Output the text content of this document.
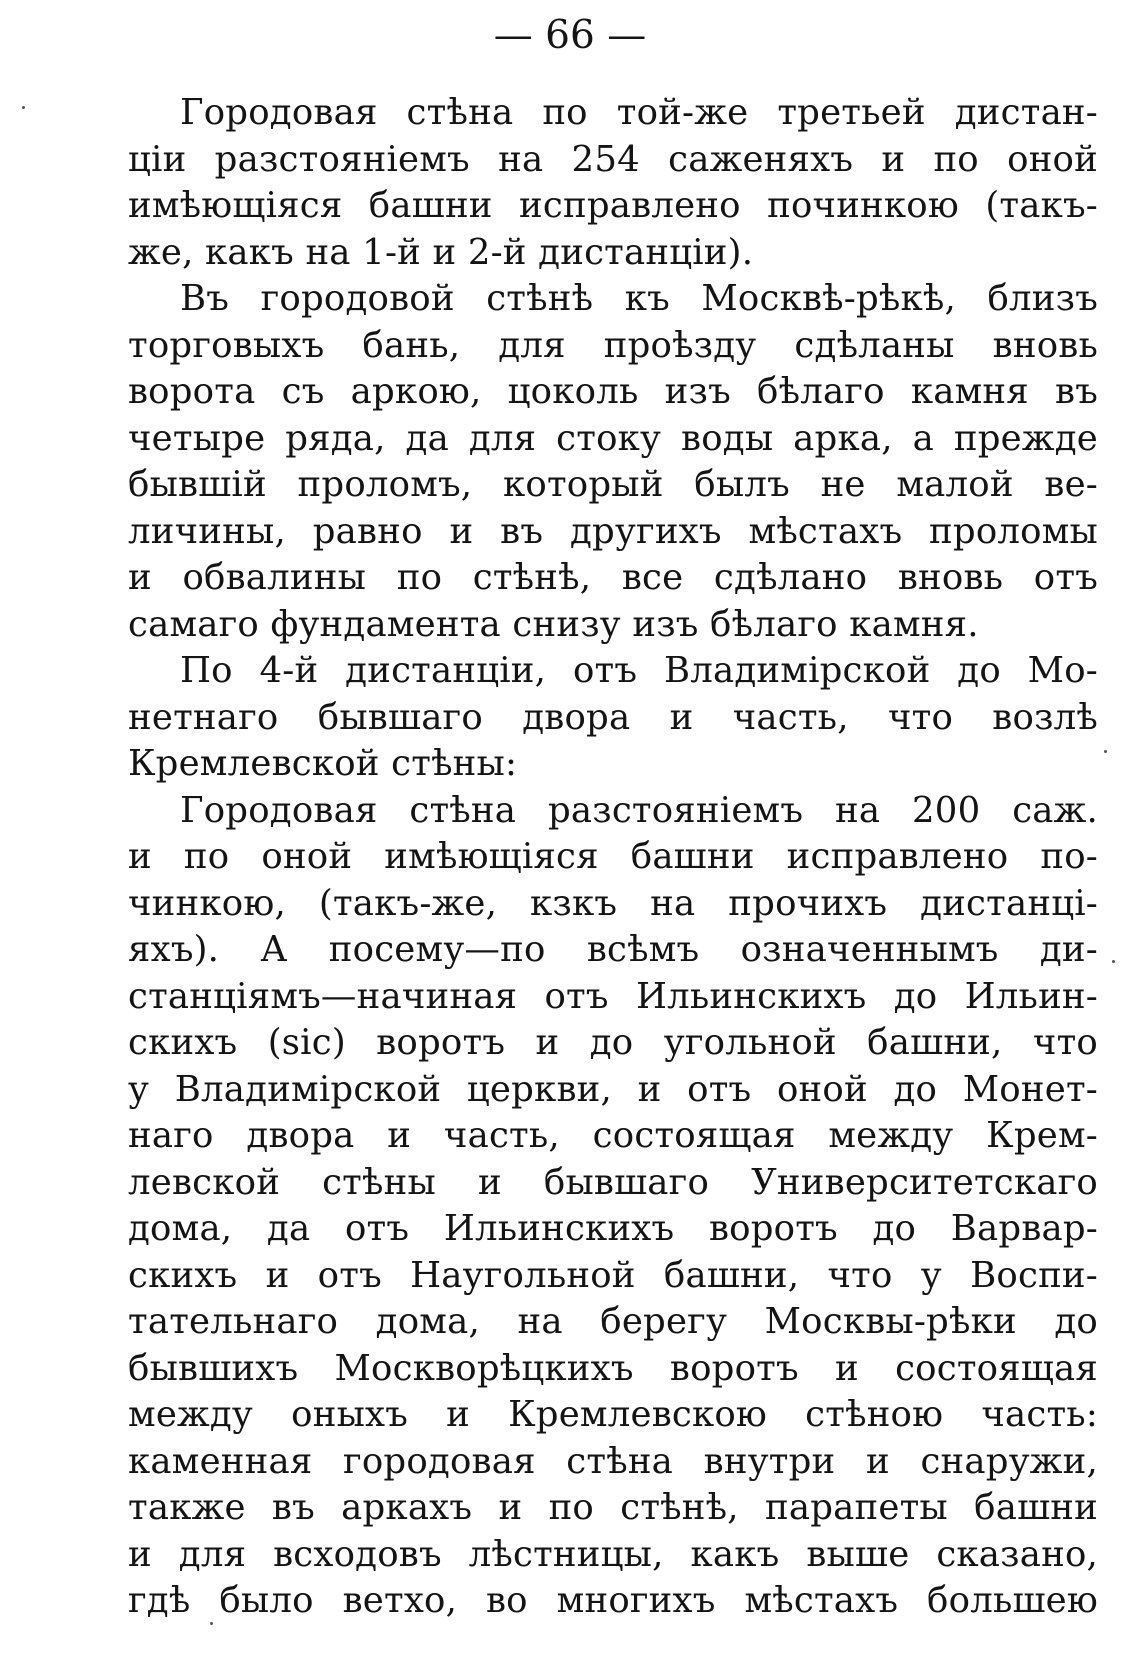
— 66 —
Городовая стѣна по той-же третьей дистан-
ціи разстояніемъ на 254 саженяхъ и по оной
имѣющіяся башни исправлено починкою (такъ-
же, какъ на 1-й и 2-й дистанціи).
Въ городовой стѣнѣ къ Москвѣ-рѣкѣ, близъ
торговыхъ бань, для проѣзду сдѣланы вновь
ворота съ аркою, цоколь изъ бѣлаго камня въ
четыре ряда, да для стоку воды арка, а прежде
бывшій проломъ, который былъ не малой ве-
личины, равно и въ другихъ мѣстахъ проломы
и обвалины по стѣнѣ, все сдѣлано вновь отъ
самаго фундамента снизу изъ бѣлаго камня.
По 4-й дистанціи, отъ Владимірской до Мо-
нетнаго бывшаго двора и часть, что возлѣ
Кремлевской стѣны:
Городовая стѣна разстояніемъ на 200 саж.
и по оной имѣющіяся башни исправлено по-
чинкою, (такъ-же, кзкъ на прочихъ дистанці-
яхъ). А посему—по всѣмъ означеннымъ ди-
станціямъ—начиная отъ Ильинскихъ до Ильин-
скихъ (sic) воротъ и до угольной башни, что
у Владимірской церкви, и отъ оной до Монет-
наго двора и часть, состоящая между Крем-
левской стѣны и бывшаго Университетскаго
дома, да отъ Ильинскихъ воротъ до Варвар-
скихъ и отъ Наугольной башни, что у Воспи-
тательнаго дома, на берегу Москвы-рѣки до
бывшихъ Москворѣцкихъ воротъ и состоящая
между оныхъ и Кремлевскою стѣною часть:
каменная городовая стѣна внутри и снаружи,
также въ аркахъ и по стѣнѣ, парапеты башни
и для всходовъ лѣстницы, какъ выше сказано,
гдѣ было ветхо, во многихъ мѣстахъ большею
